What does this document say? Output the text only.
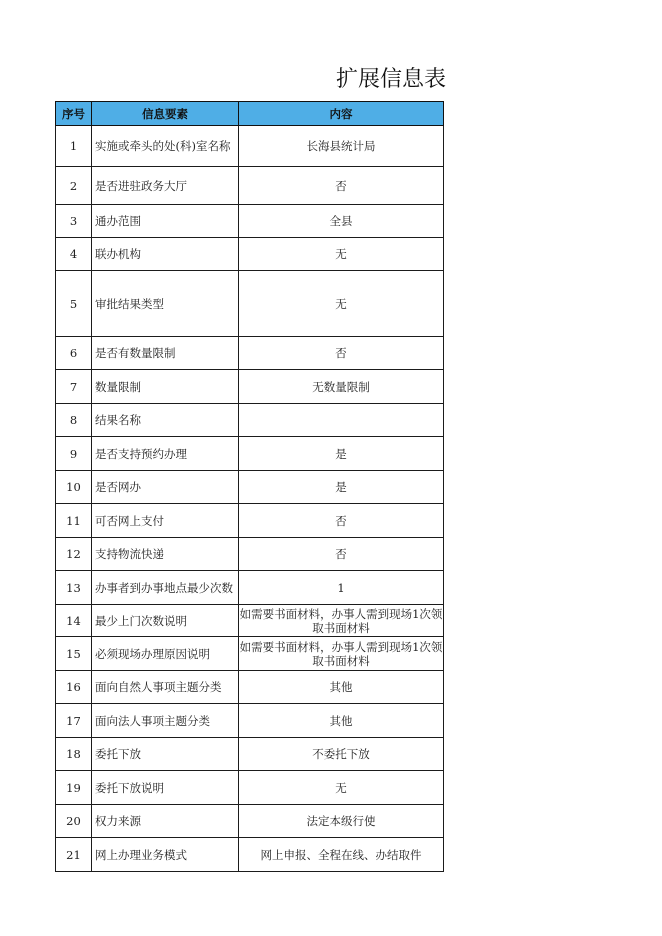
扩展信息表
序号	信息要素	内容
1	实施或牵头的处(科)室名称	长海县统计局
2	是否进驻政务大厅	否
3	通办范围	全县
4	联办机构	无
5	审批结果类型	无
6	是否有数量限制	否
7	数量限制	无数量限制
8	结果名称	
9	是否支持预约办理	是
10	是否网办	是
11	可否网上支付	否
12	支持物流快递	否
13	办事者到办事地点最少次数	1
14	最少上门次数说明	如需要书面材料，办事人需到现场1次领取书面材料
15	必须现场办理原因说明	如需要书面材料，办事人需到现场1次领取书面材料
16	面向自然人事项主题分类	其他
17	面向法人事项主题分类	其他
18	委托下放	不委托下放
19	委托下放说明	无
20	权力来源	法定本级行使
21	网上办理业务模式	网上申报、全程在线、办结取件
